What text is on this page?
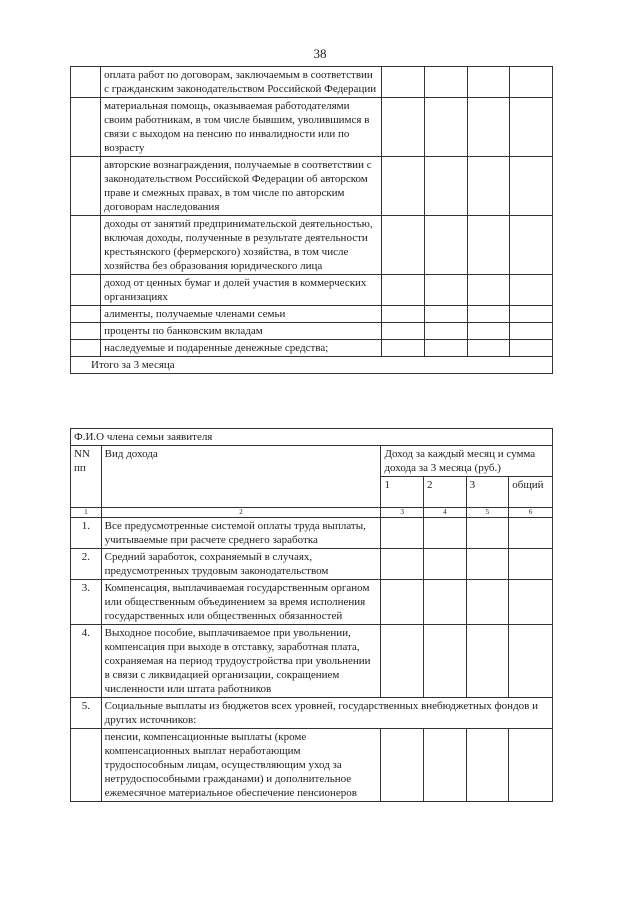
38
	оплата работ по договорам, заключаемым в соответствии с гражданским законодательством Российской Федерации				
	материальная помощь, оказываемая работодателями своим работникам, в том числе бывшим, уволившимся в связи с выходом на пенсию по инвалидности или по возрасту				
	авторские вознаграждения, получаемые в соответствии с законодательством Российской Федерации об авторском праве и смежных правах, в том числе по авторским договорам наследования				
	доходы от занятий предпринимательской деятельностью, включая доходы, полученные в результате деятельности крестьянского (фермерского) хозяйства, в том числе хозяйства без образования юридического лица				
	доход от ценных бумаг и долей участия в коммерческих организациях				
	алименты, получаемые членами семьи				
	проценты по банковским вкладам				
	наследуемые и подаренные денежные средства;				
Итого за 3 месяца					
Ф.И.О члена семьи заявителя					
NN пп	Вид дохода	Доход за каждый месяц и сумма дохода за 3 месяца (руб.)			
		1	2	3	общий
1	2	3	4	5	6
1.	Все предусмотренные системой оплаты труда выплаты, учитываемые при расчете среднего заработка				
2.	Средний заработок, сохраняемый в случаях, предусмотренных трудовым законодательством				
3.	Компенсация, выплачиваемая государственным органом или общественным объединением за время исполнения государственных или общественных обязанностей				
4.	Выходное пособие, выплачиваемое при увольнении, компенсация при выходе в отставку, заработная плата, сохраняемая на период трудоустройства при увольнении в связи с ликвидацией организации, сокращением численности или штата работников				
5.	Социальные выплаты из бюджетов всех уровней, государственных внебюджетных фондов и других источников:				
	пенсии, компенсационные выплаты (кроме компенсационных выплат неработающим трудоспособным лицам, осуществляющим уход за нетрудоспособными гражданами) и дополнительное ежемесячное материальное обеспечение пенсионеров				
